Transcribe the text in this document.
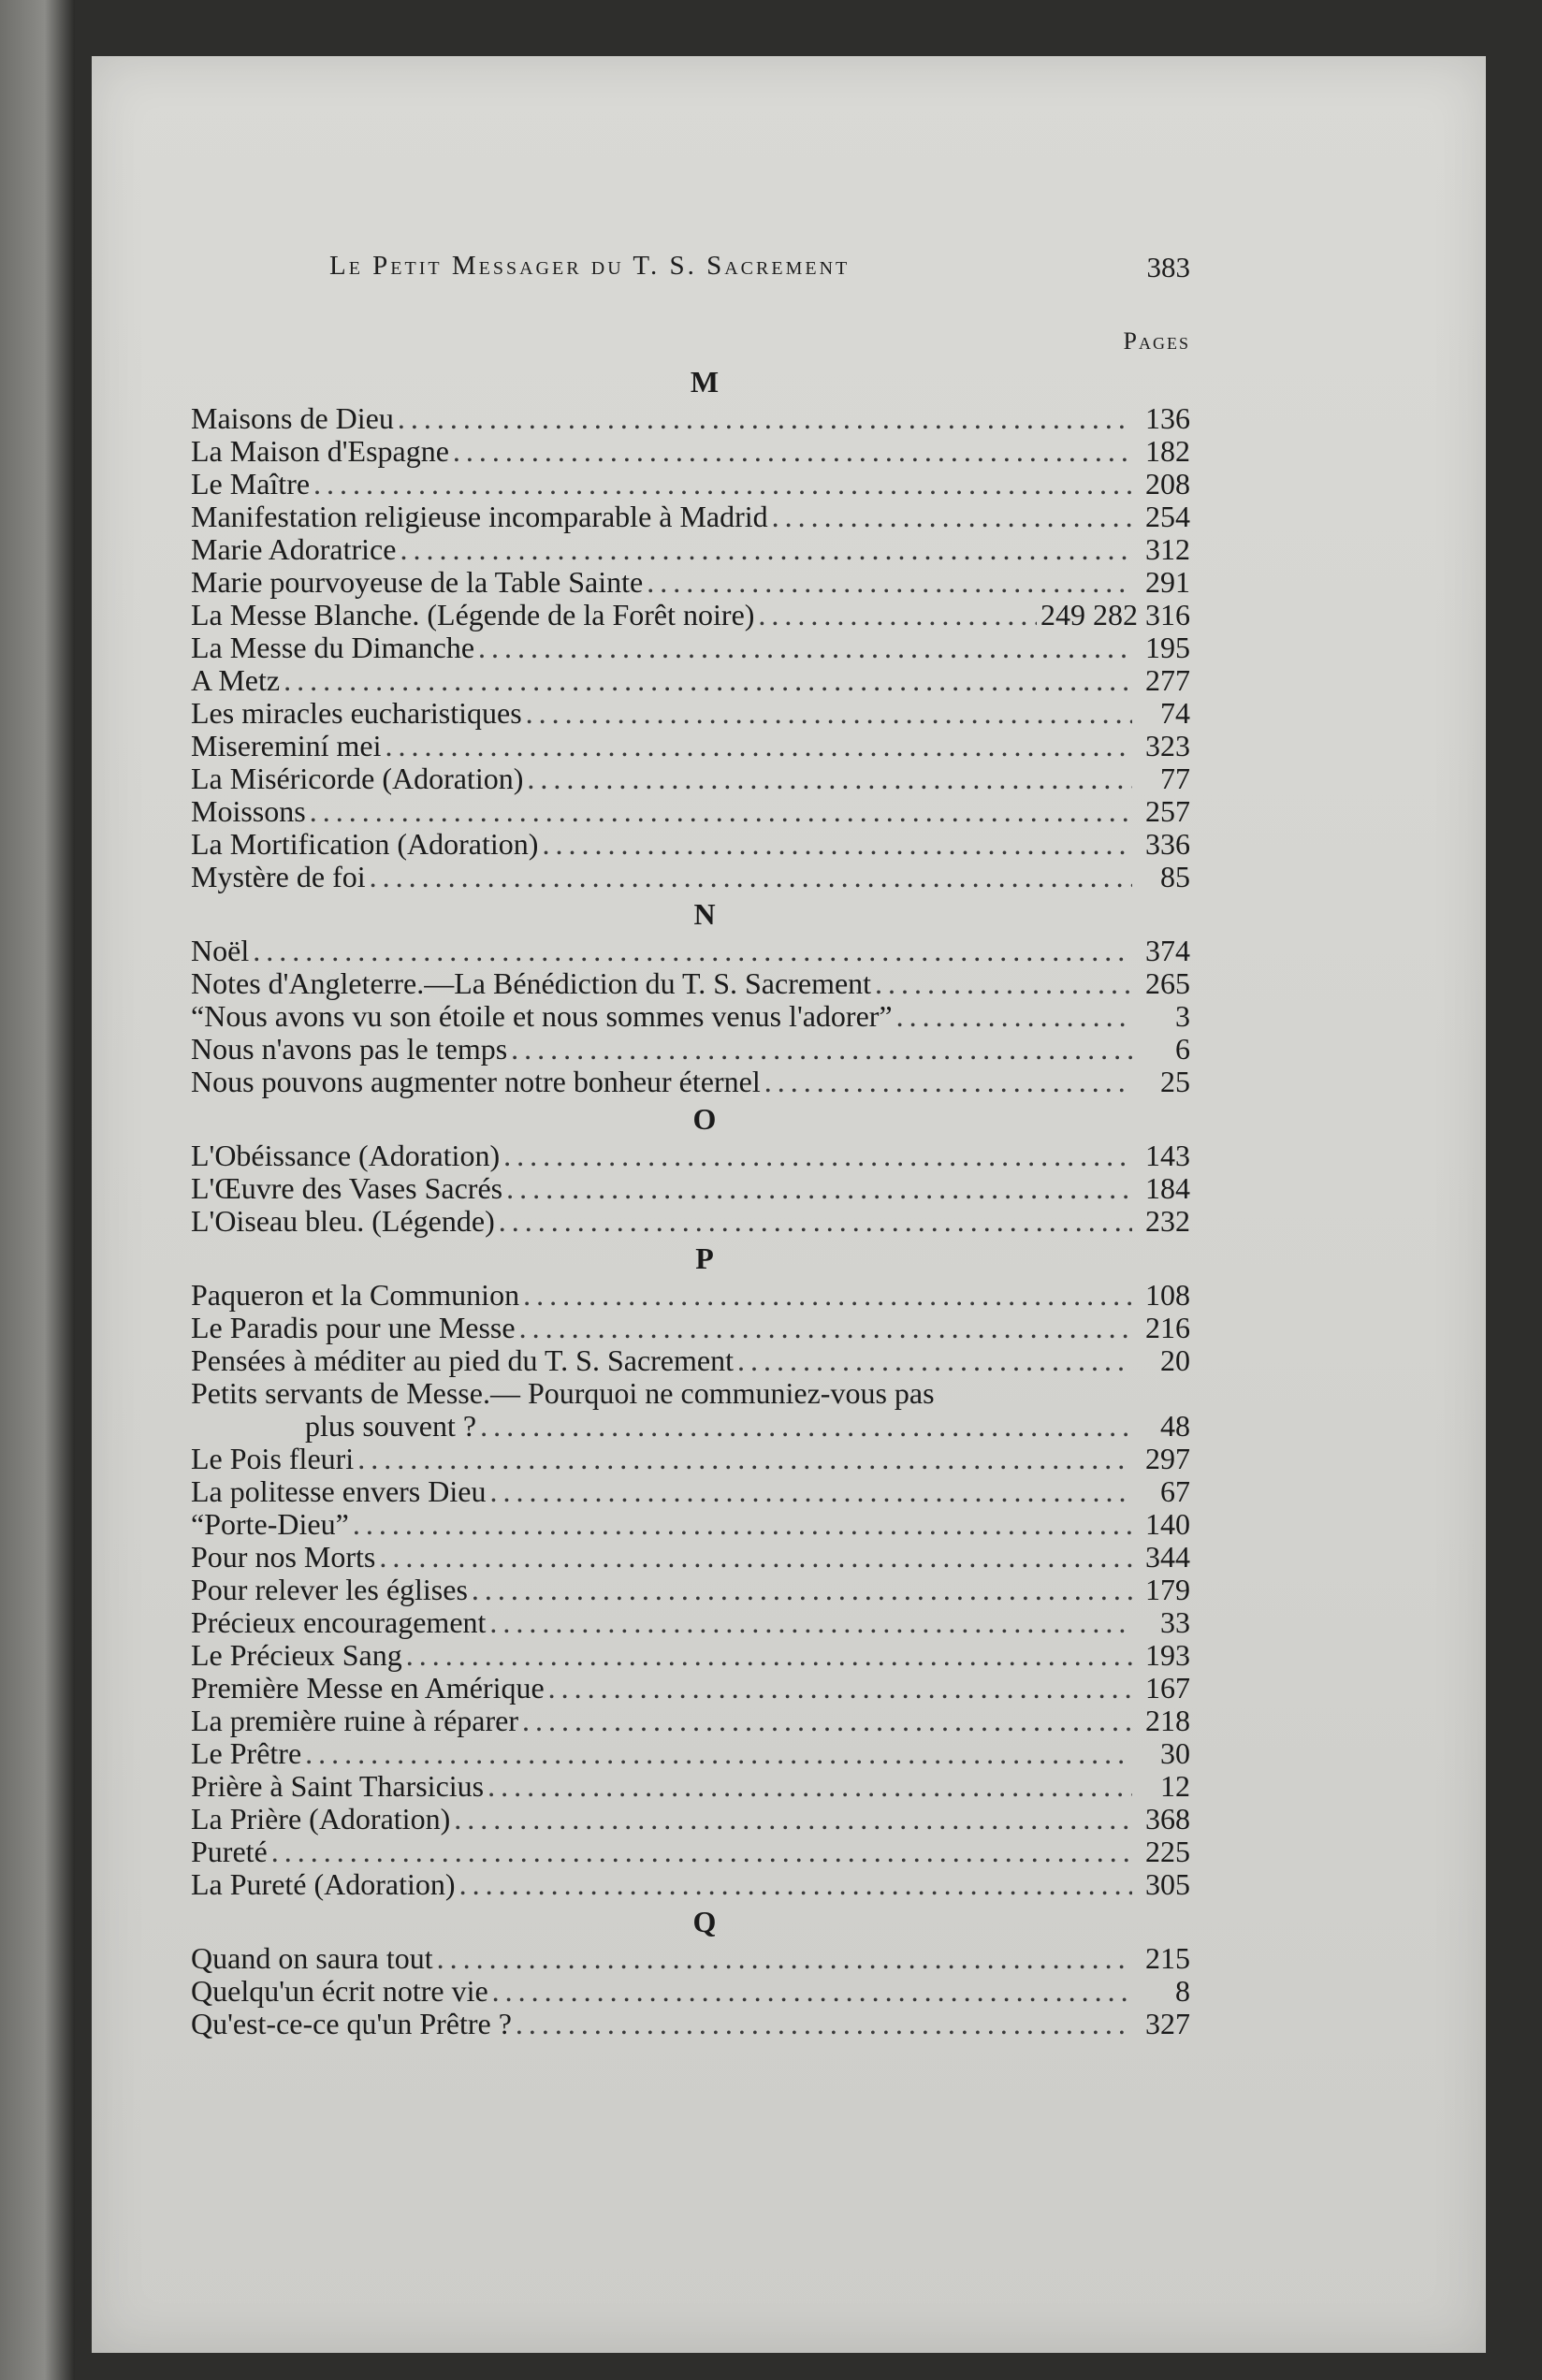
Le Petit Messager du T. S. Sacrement	383
Pages
M
Maisons de Dieu .....	136
La Maison d'Espagne .....	182
Le Maître .....	208
Manifestation religieuse incomparable à Madrid .....	254
Marie Adoratrice .....	312
Marie pourvoyeuse de la Table Sainte .....	291
La Messe Blanche. (Légende de la Forêt noire) .....	249 282 316
La Messe du Dimanche .....	195
A Metz .....	277
Les miracles eucharistiques .....	74
Misereminí mei .....	323
La Miséricorde (Adoration) .....	77
Moissons .....	257
La Mortification (Adoration) .....	336
Mystère de foi .....	85
N
Noël .....	374
Notes d'Angleterre.—La Bénédiction du T. S. Sacrement .....	265
“Nous avons vu son étoile et nous sommes venus l'adorer” .....	3
Nous n'avons pas le temps .....	6
Nous pouvons augmenter notre bonheur éternel .....	25
O
L'Obéissance (Adoration) .....	143
L'Œuvre des Vases Sacrés .....	184
L'Oiseau bleu. (Légende) .....	232
P
Paqueron et la Communion .....	108
Le Paradis pour une Messe .....	216
Pensées à méditer au pied du T. S. Sacrement .....	20
Petits servants de Messe.— Pourquoi ne communiez-vous pas
plus souvent ? .....	48
Le Pois fleuri .....	297
La politesse envers Dieu .....	67
“Porte-Dieu” .....	140
Pour nos Morts .....	344
Pour relever les églises .....	179
Précieux encouragement .....	33
Le Précieux Sang .....	193
Première Messe en Amérique .....	167
La première ruine à réparer .....	218
Le Prêtre .....	30
Prière à Saint Tharsicius .....	12
La Prière (Adoration) .....	368
Pureté .....	225
La Pureté (Adoration) .....	305
Q
Quand on saura tout .....	215
Quelqu'un écrit notre vie .....	8
Qu'est-ce-ce qu'un Prêtre ? .....	327
